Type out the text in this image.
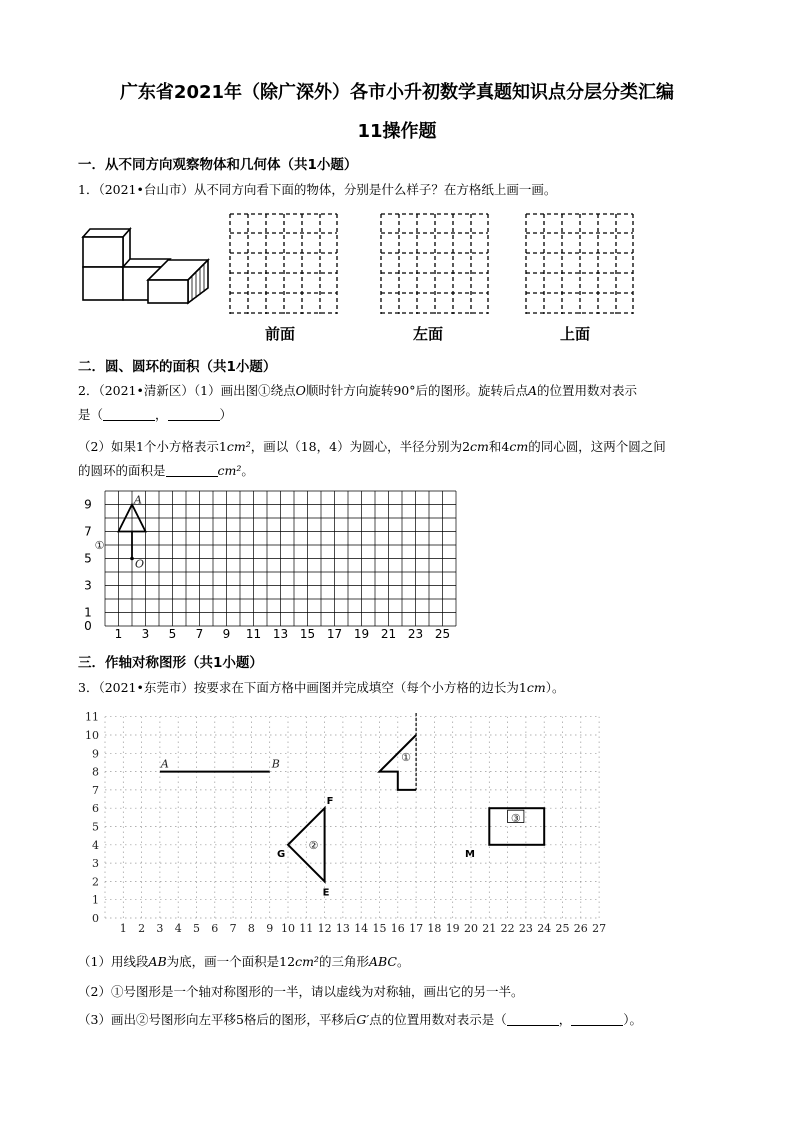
广东省2021年（除广深外）各市小升初数学真题知识点分层分类汇编
11操作题
一．从不同方向观察物体和几何体（共1小题）
1．（2021•台山市）从不同方向看下面的物体，分别是什么样子？在方格纸上画一画。
前面	左面	上面
二．圆、圆环的面积（共1小题）
2．（2021•清新区）（1）画出图①绕点O顺时针方向旋转90°后的图形。旋转后点A的位置用数对表示
是（	，	）
（2）如果1个小方格表示1cm²，画以（18，4）为圆心，半径分别为2cm和4cm的同心圆，这两个圆之间
的圆环的面积是	cm²。
9
7
5
3
1
0
1 3 5 7 9 11 13 15 17 19 21 23 25
A
O
①
三．作轴对称图形（共1小题）
3．（2021•东莞市）按要求在下面方格中画图并完成填空（每个小方格的边长为1cm）。
11
10
9
8
7
6
5
4
3
2
1
0
1 2 3 4 5 6 7 8 9 10 11 12 13 14 15 16 17 18 19 20 21 22 23 24 25 26 27
A	B
①
F
G
E
②
M
③
（1）用线段AB为底，画一个面积是12cm²的三角形ABC。
（2）①号图形是一个轴对称图形的一半，请以虚线为对称轴，画出它的另一半。
（3）画出②号图形向左平移5格后的图形，平移后G′点的位置用数对表示是（	，	）。
